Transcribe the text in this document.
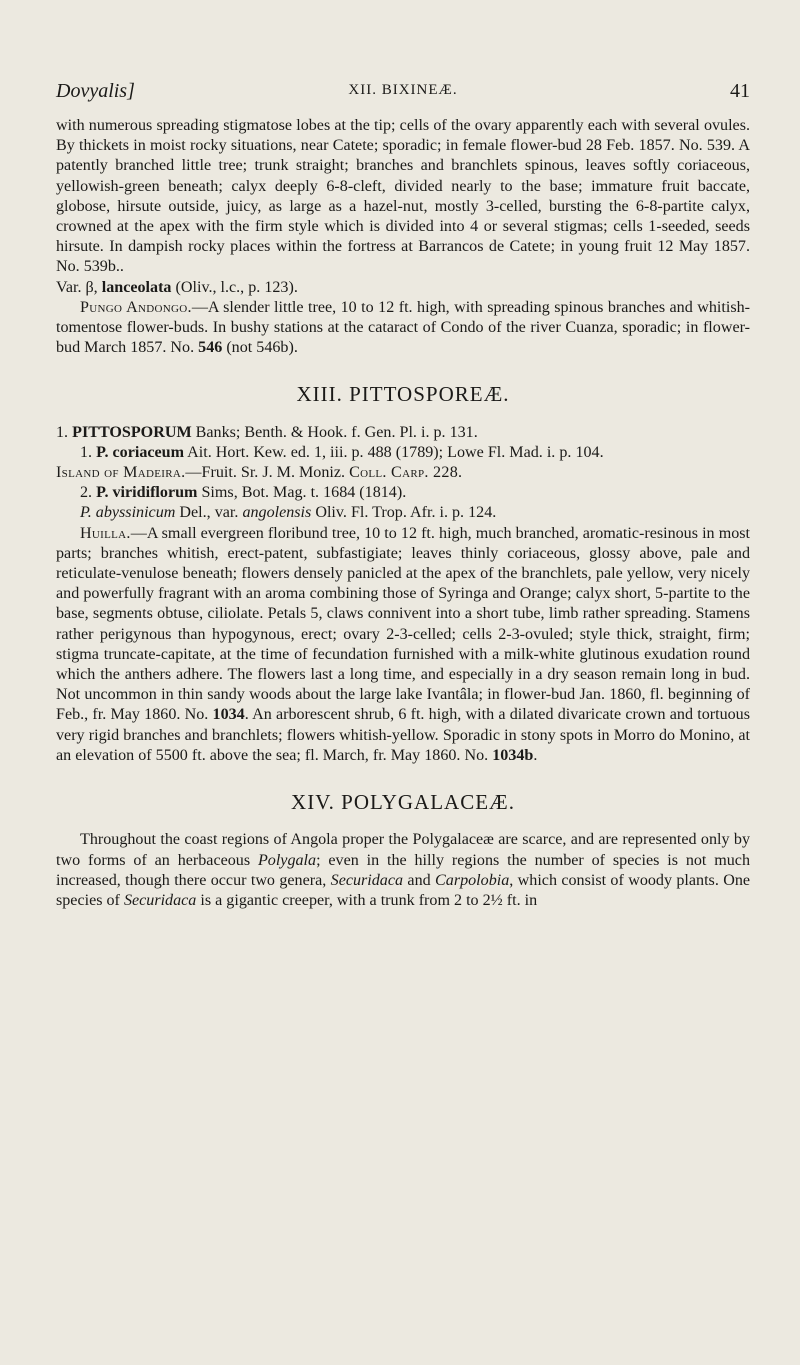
Dovyalis]	XII. BIXINEÆ.	41

with numerous spreading stigmatose lobes at the tip; cells of the ovary apparently each with several ovules. By thickets in moist rocky situations, near Catete; sporadic; in female flower-bud 28 Feb. 1857. No. 539. A patently branched little tree; trunk straight; branches and branchlets spinous, leaves softly coriaceous, yellowish-green beneath; calyx deeply 6-8-cleft, divided nearly to the base; immature fruit baccate, globose, hirsute outside, juicy, as large as a hazel-nut, mostly 3-celled, bursting the 6-8-partite calyx, crowned at the apex with the firm style which is divided into 4 or several stigmas; cells 1-seeded, seeds hirsute. In dampish rocky places within the fortress at Barrancos de Catete; in young fruit 12 May 1857. No. 539b..

Var. β, lanceolata (Oliv., l.c., p. 123).

Pungo Andongo.—A slender little tree, 10 to 12 ft. high, with spreading spinous branches and whitish-tomentose flower-buds. In bushy stations at the cataract of Condo of the river Cuanza, sporadic; in flower-bud March 1857. No. 546 (not 546b).

XIII. PITTOSPOREÆ.

1. PITTOSPORUM Banks; Benth. & Hook. f. Gen. Pl. i. p. 131.

1. P. coriaceum Ait. Hort. Kew. ed. 1, iii. p. 488 (1789); Lowe Fl. Mad. i. p. 104.

Island of Madeira.—Fruit. Sr. J. M. Moniz. Coll. Carp. 228.

2. P. viridiflorum Sims, Bot. Mag. t. 1684 (1814).

P. abyssinicum Del., var. angolensis Oliv. Fl. Trop. Afr. i. p. 124.

Huilla.—A small evergreen floribund tree, 10 to 12 ft. high, much branched, aromatic-resinous in most parts; branches whitish, erect-patent, subfastigiate; leaves thinly coriaceous, glossy above, pale and reticulate-venulose beneath; flowers densely panicled at the apex of the branchlets, pale yellow, very nicely and powerfully fragrant with an aroma combining those of Syringa and Orange; calyx short, 5-partite to the base, segments obtuse, ciliolate. Petals 5, claws connivent into a short tube, limb rather spreading. Stamens rather perigynous than hypogynous, erect; ovary 2-3-celled; cells 2-3-ovuled; style thick, straight, firm; stigma truncate-capitate, at the time of fecundation furnished with a milk-white glutinous exudation round which the anthers adhere. The flowers last a long time, and especially in a dry season remain long in bud. Not uncommon in thin sandy woods about the large lake Ivantâla; in flower-bud Jan. 1860, fl. beginning of Feb., fr. May 1860. No. 1034. An arborescent shrub, 6 ft. high, with a dilated divaricate crown and tortuous very rigid branches and branchlets; flowers whitish-yellow. Sporadic in stony spots in Morro do Monino, at an elevation of 5500 ft. above the sea; fl. March, fr. May 1860. No. 1034b.

XIV. POLYGALACEÆ.

Throughout the coast regions of Angola proper the Polygalaceæ are scarce, and are represented only by two forms of an herbaceous Polygala; even in the hilly regions the number of species is not much increased, though there occur two genera, Securidaca and Carpolobia, which consist of woody plants. One species of Securidaca is a gigantic creeper, with a trunk from 2 to 2½ ft. in
